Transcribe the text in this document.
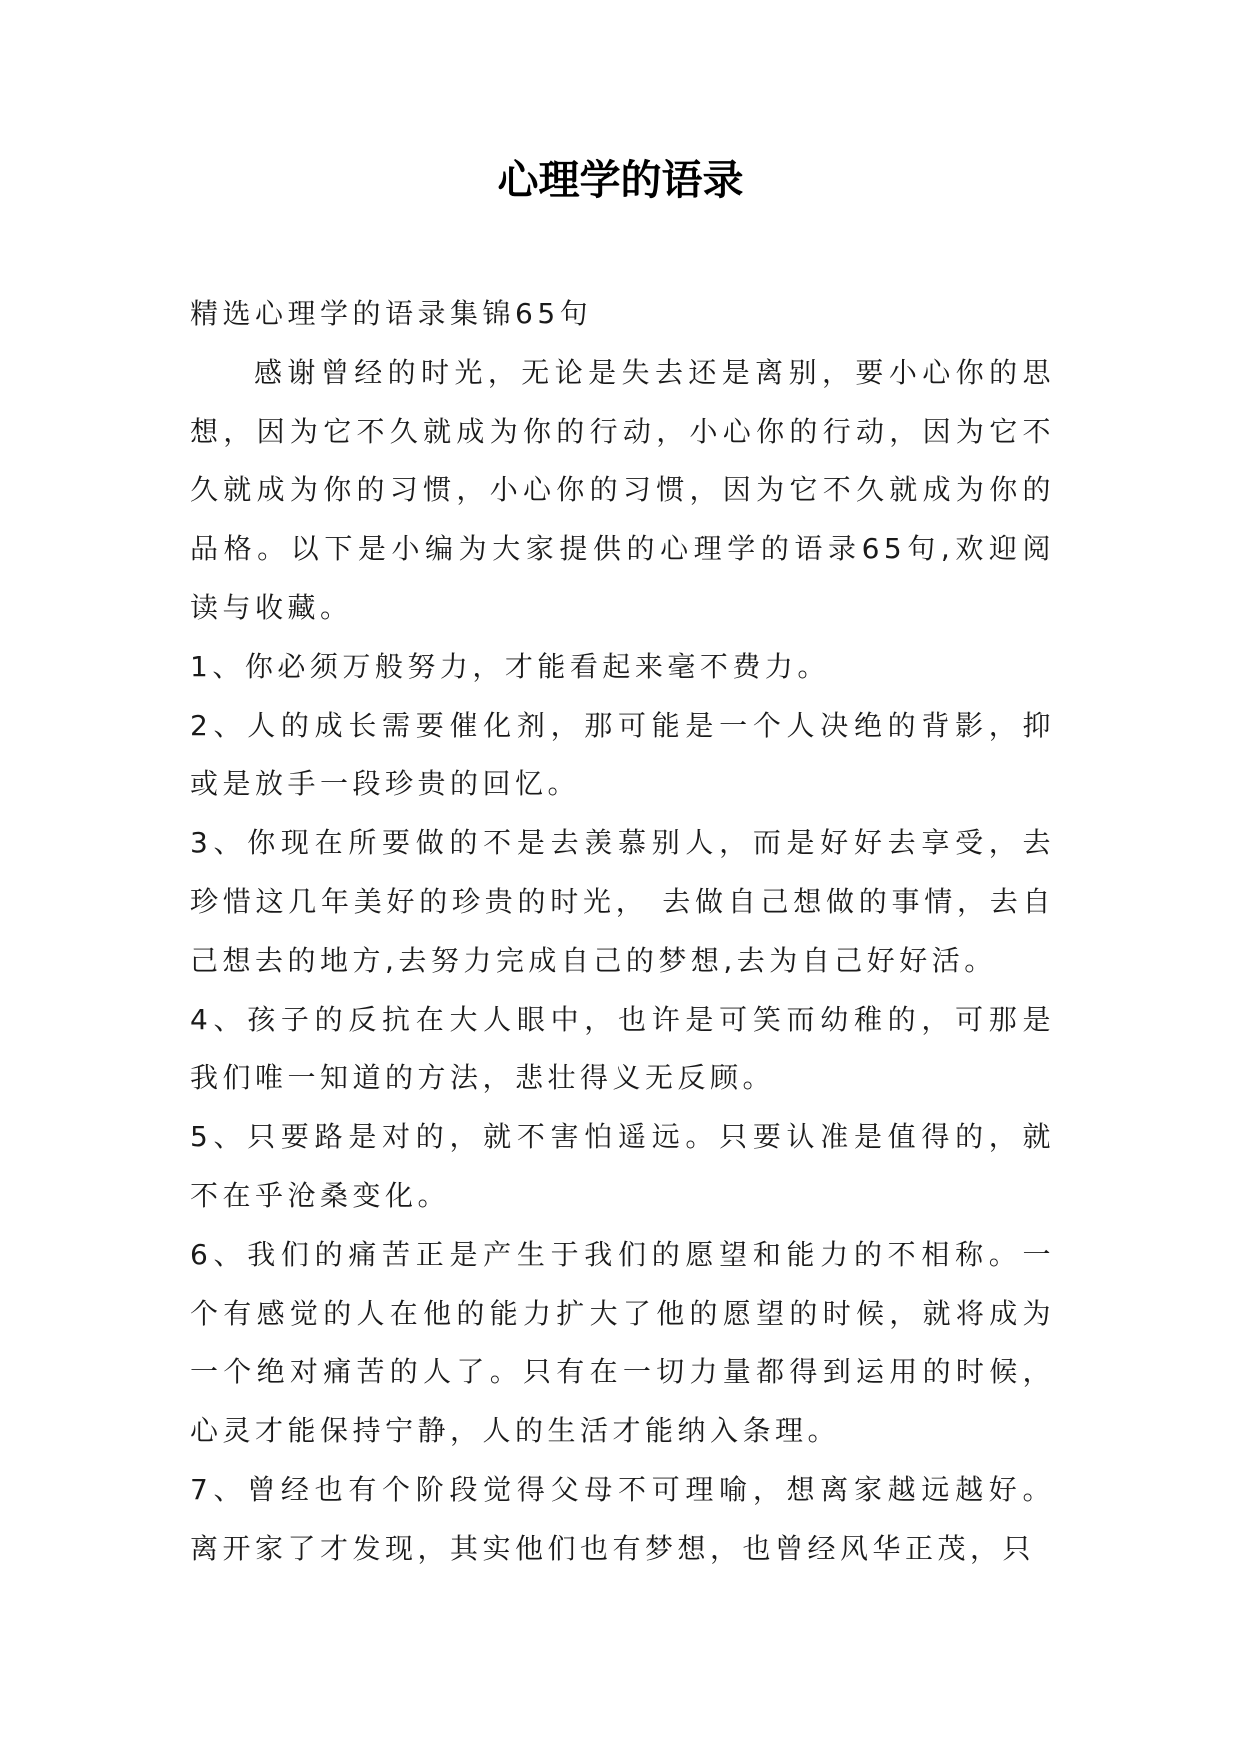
心理学的语录

精选心理学的语录集锦65句

感谢曾经的时光，无论是失去还是离别，要小心你的思想，因为它不久就成为你的行动，小心你的行动，因为它不久就成为你的习惯，小心你的习惯，因为它不久就成为你的品格。以下是小编为大家提供的心理学的语录65句,欢迎阅读与收藏。

1、你必须万般努力，才能看起来毫不费力。

2、人的成长需要催化剂，那可能是一个人决绝的背影，抑或是放手一段珍贵的回忆。

3、你现在所要做的不是去羡慕别人，而是好好去享受，去珍惜这几年美好的珍贵的时光， 去做自己想做的事情，去自己想去的地方,去努力完成自己的梦想,去为自己好好活。

4、孩子的反抗在大人眼中，也许是可笑而幼稚的，可那是我们唯一知道的方法，悲壮得义无反顾。

5、只要路是对的，就不害怕遥远。只要认准是值得的，就不在乎沧桑变化。

6、我们的痛苦正是产生于我们的愿望和能力的不相称。一个有感觉的人在他的能力扩大了他的愿望的时候，就将成为一个绝对痛苦的人了。只有在一切力量都得到运用的时候，心灵才能保持宁静，人的生活才能纳入条理。

7、曾经也有个阶段觉得父母不可理喻，想离家越远越好。离开家了才发现，其实他们也有梦想，也曾经风华正茂，只
